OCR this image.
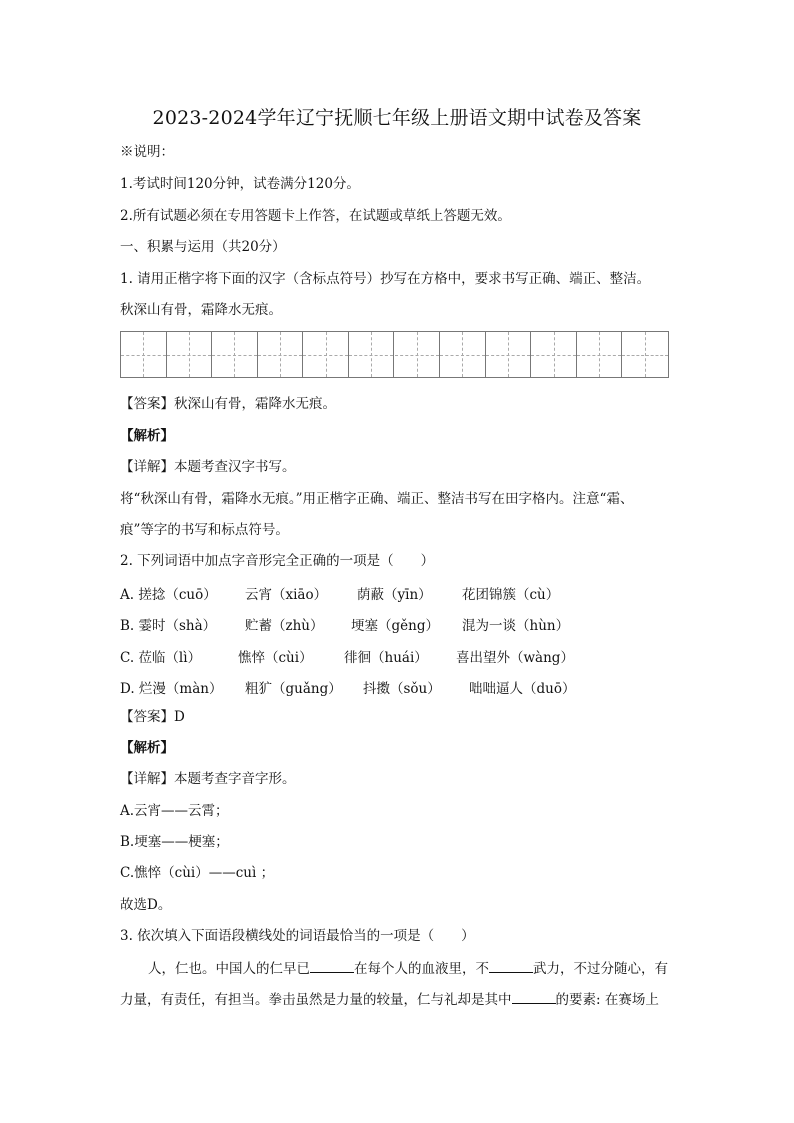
2023-2024学年辽宁抚顺七年级上册语文期中试卷及答案
※说明：
1.考试时间120分钟，试卷满分120分。
2.所有试题必须在专用答题卡上作答，在试题或草纸上答题无效。
一、积累与运用（共20分）
1. 请用正楷字将下面的汉字（含标点符号）抄写在方格中，要求书写正确、端正、整洁。
秋深山有骨，霜降水无痕。
【答案】秋深山有骨，霜降水无痕。
【解析】
【详解】本题考查汉字书写。
将“秋深山有骨，霜降水无痕。”用正楷字正确、端正、整洁书写在田字格内。注意“霜、
痕”等字的书写和标点符号。
2. 下列词语中加点字音形完全正确的一项是（　　）
A. 搓捻（cuō） 云宵（xiāo） 荫蔽（yīn） 花团锦簇（cù）
B. 霎时（shà） 贮蓄（zhù） 埂塞（gěng） 混为一谈（hùn）
C. 莅临（lì）	憔悴（cùi） 徘徊（huái） 喜出望外（wàng）
D. 烂漫（màn） 粗犷（guǎng） 抖擞（sǒu） 咄咄逼人（duō）
【答案】D
【解析】
【详解】本题考查字音字形。
A.云宵——云霄；
B.埂塞——梗塞；
C.憔悴（cùi）——cuì ；
故选D。
3. 依次填入下面语段横线处的词语最恰当的一项是（　　）
人，仁也。中国人的仁早已	在每个人的血液里，不	武力，不过分随心，有
力量，有责任，有担当。拳击虽然是力量的较量，仁与礼却是其中	的要素: 在赛场上
